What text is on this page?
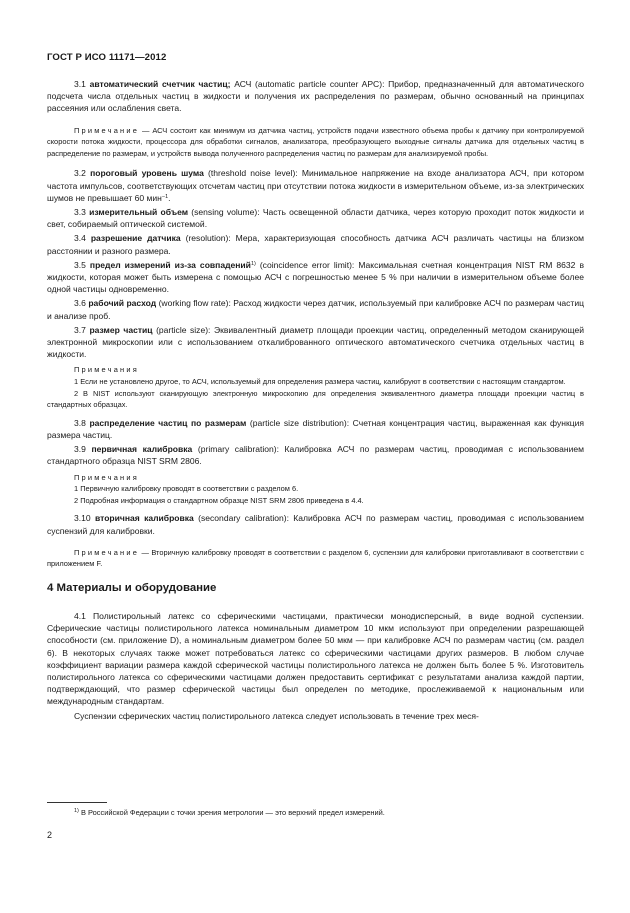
ГОСТ Р ИСО 11171—2012

3.1 автоматический счетчик частиц; АСЧ (automatic particle counter APC): Прибор, предназначенный для автоматического подсчета числа отдельных частиц в жидкости и получения их распределения по размерам, обычно основанный на принципах рассеяния или ослабления света.

Примечание — АСЧ состоит как минимум из датчика частиц, устройств подачи известного объема пробы к датчику при контролируемой скорости потока жидкости, процессора для обработки сигналов, анализатора, преобразующего выходные сигналы датчика для отдельных частиц в распределение по размерам, и устройств вывода полученного распределения частиц по размерам для анализируемой пробы.

3.2 пороговый уровень шума (threshold noise level): Минимальное напряжение на входе анализатора АСЧ, при котором частота импульсов, соответствующих отсчетам частиц при отсутствии потока жидкости в измерительном объеме, из-за электрических шумов не превышает 60 мин$^{-1}$.

3.3 измерительный объем (sensing volume): Часть освещенной области датчика, через которую проходит поток жидкости и свет, собираемый оптической системой.

3.4 разрешение датчика (resolution): Мера, характеризующая способность датчика АСЧ различать частицы на близком расстоянии и разного размера.

3.5 предел измерений из-за совпадений$^{1)}$ (coincidence error limit): Максимальная счетная концентрация NIST RM 8632 в жидкости, которая может быть измерена с помощью АСЧ с погрешностью менее 5 % при наличии в измерительном объеме более одной частицы одновременно.

3.6 рабочий расход (working flow rate): Расход жидкости через датчик, используемый при калибровке АСЧ по размерам частиц и анализе проб.

3.7 размер частиц (particle size): Эквивалентный диаметр площади проекции частиц, определенный методом сканирующей электронной микроскопии или с использованием откалиброванного оптического автоматического счетчика отдельных частиц в жидкости.

Примечания

1 Если не установлено другое, то АСЧ, используемый для определения размера частиц, калибруют в соответствии с настоящим стандартом.

2 В NIST используют сканирующую электронную микроскопию для определения эквивалентного диаметра площади проекции частиц в стандартных образцах.

3.8 распределение частиц по размерам (particle size distribution): Счетная концентрация частиц, выраженная как функция размера частиц.

3.9 первичная калибровка (primary calibration): Калибровка АСЧ по размерам частиц, проводимая с использованием стандартного образца NIST SRM 2806.

Примечания

1 Первичную калибровку проводят в соответствии с разделом 6.

2 Подробная информация о стандартном образце NIST SRM 2806 приведена в 4.4.

3.10 вторичная калибровка (secondary calibration): Калибровка АСЧ по размерам частиц, проводимая с использованием суспензий для калибровки.

Примечание — Вторичную калибровку проводят в соответствии с разделом 6, суспензии для калибровки приготавливают в соответствии с приложением F.

4 Материалы и оборудование

4.1 Полистирольный латекс со сферическими частицами, практически монодисперсный, в виде водной суспензии. Сферические частицы полистирольного латекса номинальным диаметром 10 мкм используют при определении разрешающей способности (см. приложение D), а номинальным диаметром более 50 мкм — при калибровке АСЧ по размерам частиц (см. раздел 6). В некоторых случаях также может потребоваться латекс со сферическими частицами других размеров. В любом случае коэффициент вариации размера каждой сферической частицы полистирольного латекса не должен быть более 5 %. Изготовитель полистирольного латекса со сферическими частицами должен предоставить сертификат с результатами анализа каждой партии, подтверждающий, что размер сферической частицы был определен по методике, прослеживаемой к национальным или международным стандартам.

Суспензии сферических частиц полистирольного латекса следует использовать в течение трех меся-

$^{1)}$ В Российской Федерации с точки зрения метрологии — это верхний предел измерений.
2
